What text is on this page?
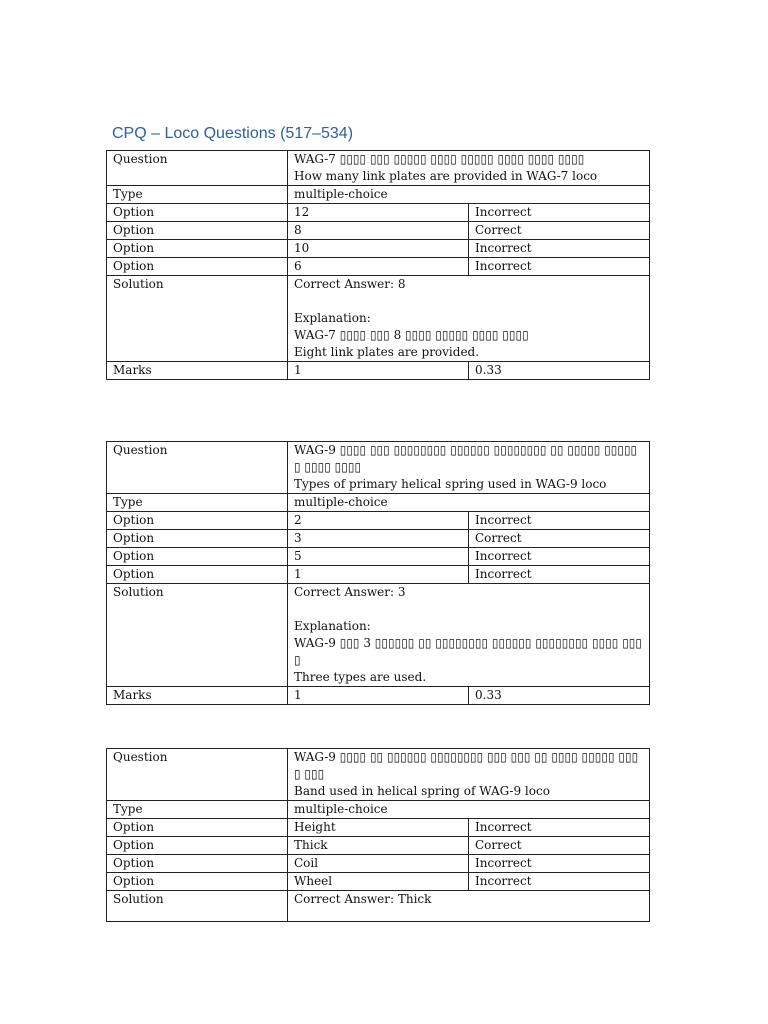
CPQ – Loco Questions (517–534)
Question	WAG-7 ▯▯▯▯ ▯▯▯ ▯▯▯▯▯ ▯▯▯▯ ▯▯▯▯▯ ▯▯▯▯ ▯▯▯▯ ▯▯▯▯
How many link plates are provided in WAG-7 loco	

Type	multiple-choice	
Option	12	Incorrect
Option	8	Correct
Option	10	Incorrect
Option	6	Incorrect
Solution	Correct Answer: 8
Explanation:
WAG-7 ▯▯▯▯ ▯▯▯ 8 ▯▯▯▯ ▯▯▯▯▯ ▯▯▯▯ ▯▯▯▯
Eight link plates are provided.	

Marks	1	0.33
Question	WAG-9 ▯▯▯▯ ▯▯▯ ▯▯▯▯▯▯▯▯ ▯▯▯▯▯▯ ▯▯▯▯▯▯▯▯ ▯▯ ▯▯▯▯▯ ▯▯▯▯▯▯ ▯▯▯▯ ▯▯▯▯
Types of primary helical spring used in WAG-9 loco	

Type	multiple-choice	
Option	2	Incorrect
Option	3	Correct
Option	5	Incorrect
Option	1	Incorrect
Solution	Correct Answer: 3
Explanation:
WAG-9 ▯▯▯ 3 ▯▯▯▯▯▯ ▯▯ ▯▯▯▯▯▯▯▯ ▯▯▯▯▯▯ ▯▯▯▯▯▯▯▯ ▯▯▯▯ ▯▯▯▯
Three types are used.	

Marks	1	0.33
Question	WAG-9 ▯▯▯▯ ▯▯ ▯▯▯▯▯▯ ▯▯▯▯▯▯▯▯ ▯▯▯ ▯▯▯ ▯▯ ▯▯▯▯ ▯▯▯▯▯ ▯▯▯▯ ▯▯▯
Band used in helical spring of WAG-9 loco	

Type	multiple-choice	
Option	Height	Incorrect
Option	Thick	Correct
Option	Coil	Incorrect
Option	Wheel	Incorrect
Solution	Correct Answer: Thick	
